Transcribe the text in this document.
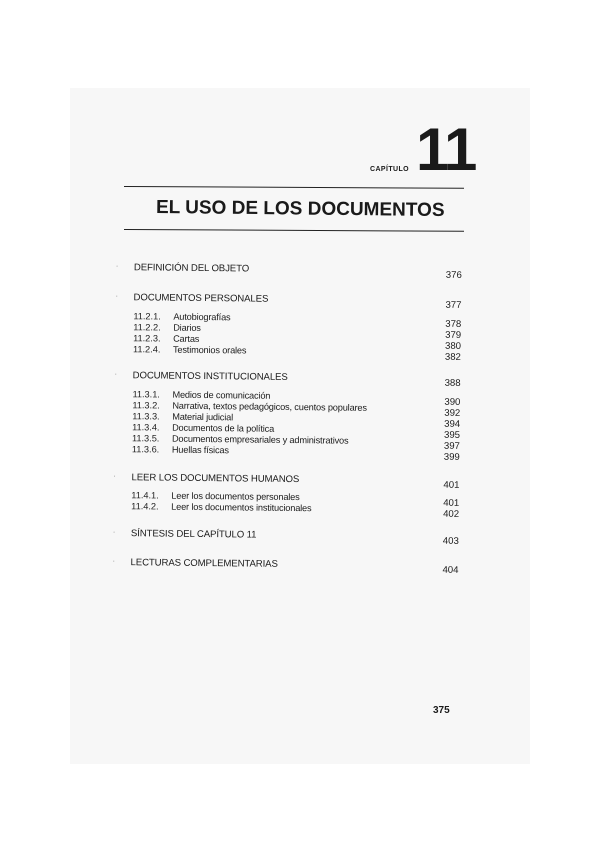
CAPÍTULO 11
EL USO DE LOS DOCUMENTOS
· DEFINICIÓN DEL OBJETO
376
· DOCUMENTOS PERSONALES
377
11.2.1. Autobiografías
378
11.2.2. Diarios
379
11.2.3. Cartas
380
11.2.4. Testimonios orales
382
· DOCUMENTOS INSTITUCIONALES
388
11.3.1. Medios de comunicación
390
11.3.2. Narrativa, textos pedagógicos, cuentos populares
392
11.3.3. Material judicial
394
11.3.4. Documentos de la política
395
11.3.5. Documentos empresariales y administrativos
397
11.3.6. Huellas físicas
399
· LEER LOS DOCUMENTOS HUMANOS
401
11.4.1. Leer los documentos personales
401
11.4.2. Leer los documentos institucionales
402
· SÍNTESIS DEL CAPÍTULO 11
403
· LECTURAS COMPLEMENTARIAS
404
375
